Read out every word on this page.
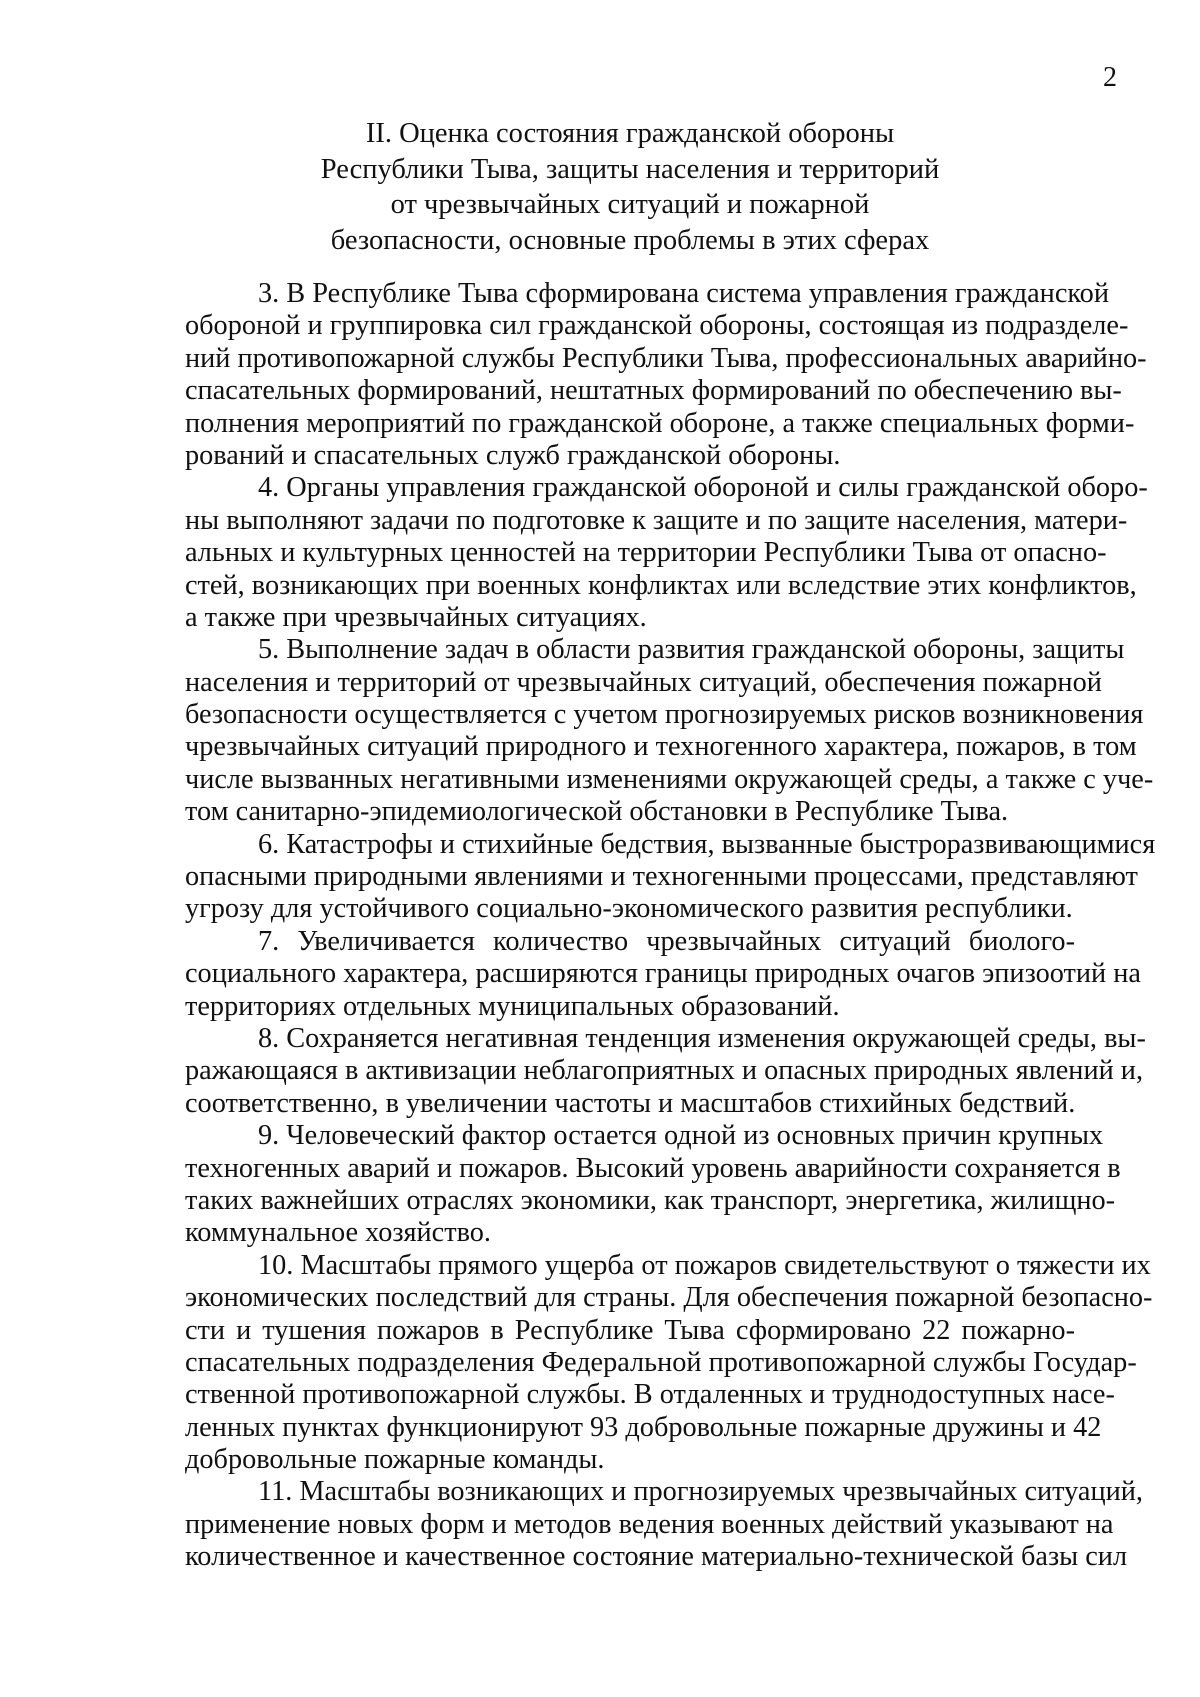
2
II. Оценка состояния гражданской обороны
Республики Тыва, защиты населения и территорий
от чрезвычайных ситуаций и пожарной
безопасности, основные проблемы в этих сферах
3. В Республике Тыва сформирована система управления гражданской
обороной и группировка сил гражданской обороны, состоящая из подразделе-
ний противопожарной службы Республики Тыва, профессиональных аварийно-
спасательных формирований, нештатных формирований по обеспечению вы-
полнения мероприятий по гражданской обороне, а также специальных форми-
рований и спасательных служб гражданской обороны.
4. Органы управления гражданской обороной и силы гражданской оборо-
ны выполняют задачи по подготовке к защите и по защите населения, матери-
альных и культурных ценностей на территории Республики Тыва от опасно-
стей, возникающих при военных конфликтах или вследствие этих конфликтов,
а также при чрезвычайных ситуациях.
5. Выполнение задач в области развития гражданской обороны, защиты
населения и территорий от чрезвычайных ситуаций, обеспечения пожарной
безопасности осуществляется с учетом прогнозируемых рисков возникновения
чрезвычайных ситуаций природного и техногенного характера, пожаров, в том
числе вызванных негативными изменениями окружающей среды, а также с уче-
том санитарно-эпидемиологической обстановки в Республике Тыва.
6. Катастрофы и стихийные бедствия, вызванные быстроразвивающимися
опасными природными явлениями и техногенными процессами, представляют
угрозу для устойчивого социально-экономического развития республики.
7. Увеличивается количество чрезвычайных ситуаций биолого-
социального характера, расширяются границы природных очагов эпизоотий на
территориях отдельных муниципальных образований.
8. Сохраняется негативная тенденция изменения окружающей среды, вы-
ражающаяся в активизации неблагоприятных и опасных природных явлений и,
соответственно, в увеличении частоты и масштабов стихийных бедствий.
9. Человеческий фактор остается одной из основных причин крупных
техногенных аварий и пожаров. Высокий уровень аварийности сохраняется в
таких важнейших отраслях экономики, как транспорт, энергетика, жилищно-
коммунальное хозяйство.
10. Масштабы прямого ущерба от пожаров свидетельствуют о тяжести их
экономических последствий для страны. Для обеспечения пожарной безопасно-
сти и тушения пожаров в Республике Тыва сформировано 22 пожарно-
спасательных подразделения Федеральной противопожарной службы Государ-
ственной противопожарной службы. В отдаленных и труднодоступных насе-
ленных пунктах функционируют 93 добровольные пожарные дружины и 42
добровольные пожарные команды.
11. Масштабы возникающих и прогнозируемых чрезвычайных ситуаций,
применение новых форм и методов ведения военных действий указывают на
количественное и качественное состояние материально-технической базы сил
